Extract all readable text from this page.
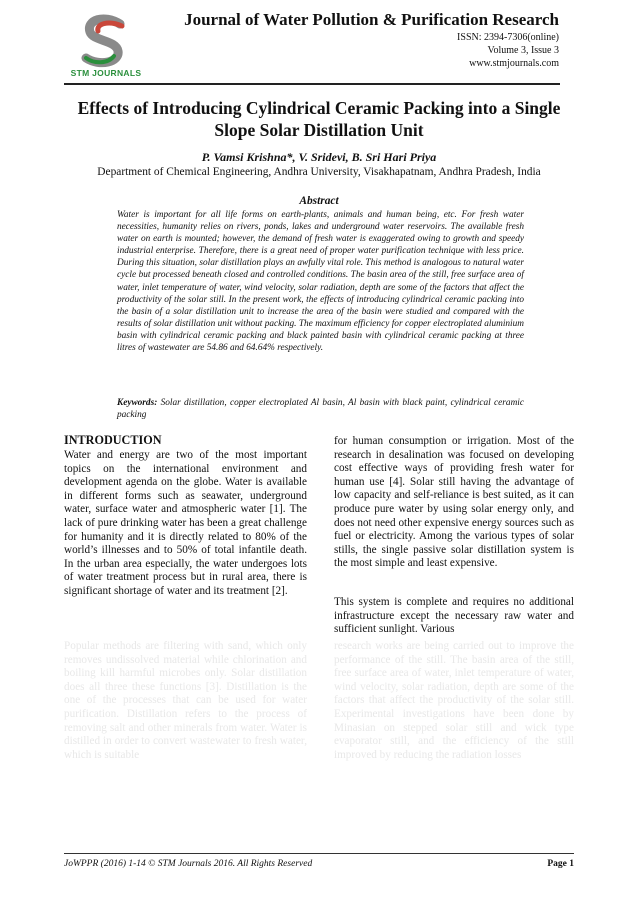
STM JOURNALS
Journal of Water Pollution & Purification Research
ISSN: 2394-7306(online)
Volume 3, Issue 3
www.stmjournals.com
Effects of Introducing Cylindrical Ceramic Packing into a Single Slope Solar Distillation Unit
P. Vamsi Krishna*, V. Sridevi, B. Sri Hari Priya
Department of Chemical Engineering, Andhra University, Visakhapatnam, Andhra Pradesh, India
Abstract
Water is important for all life forms on earth-plants, animals and human being, etc. For fresh water necessities, humanity relies on rivers, ponds, lakes and underground water reservoirs. The available fresh water on earth is mounted; however, the demand of fresh water is exaggerated owing to growth and speedy industrial enterprise. Therefore, there is a great need of proper water purification technique with less price. During this situation, solar distillation plays an awfully vital role. This method is analogous to natural water cycle but processed beneath closed and controlled conditions. The basin area of the still, free surface area of water, inlet temperature of water, wind velocity, solar radiation, depth are some of the factors that affect the productivity of the solar still. In the present work, the effects of introducing cylindrical ceramic packing into the basin of a solar distillation unit to increase the area of the basin were studied and compared with the results of solar distillation unit without packing. The maximum efficiency for copper electroplated aluminium basin with cylindrical ceramic packing and black painted basin with cylindrical ceramic packing at three litres of wastewater are 54.86 and 64.64% respectively.
Keywords: Solar distillation, copper electroplated Al basin, Al basin with black paint, cylindrical ceramic packing
INTRODUCTION
Water and energy are two of the most important topics on the international environment and development agenda on the globe. Water is available in different forms such as seawater, underground water, surface water and atmospheric water [1]. The lack of pure drinking water has been a great challenge for humanity and it is directly related to 80% of the world’s illnesses and to 50% of total infantile death. In the urban area especially, the water undergoes lots of water treatment process but in rural area, there is significant shortage of water and its treatment [2].
Popular methods are filtering with sand, which only removes undissolved material while chlorination and boiling kill harmful microbes only. Solar distillation does all three these functions [3]. Distillation is the one of the processes that can be used for water purification. Distillation refers to the process of removing salt and other minerals from water. Water is distilled in order to convert wastewater to fresh water, which is suitable
for human consumption or irrigation. Most of the research in desalination was focused on developing cost effective ways of providing fresh water for human use [4]. Solar still having the advantage of low capacity and self-reliance is best suited, as it can produce pure water by using solar energy only, and does not need other expensive energy sources such as fuel or electricity. Among the various types of solar stills, the single passive solar distillation system is the most simple and least expensive.
This system is complete and requires no additional infrastructure except the necessary raw water and sufficient sunlight. Various
research works are being carried out to improve the performance of the still. The basin area of the still, free surface area of water, inlet temperature of water, wind velocity, solar radiation, depth are some of the factors that affect the productivity of the solar still. Experimental investigations have been done by Minasian on stepped solar still and wick type evaporator still, and the efficiency of the still improved by reducing the radiation losses
JoWPPR (2016) 1-14 © STM Journals 2016. All Rights Reserved	Page 1
